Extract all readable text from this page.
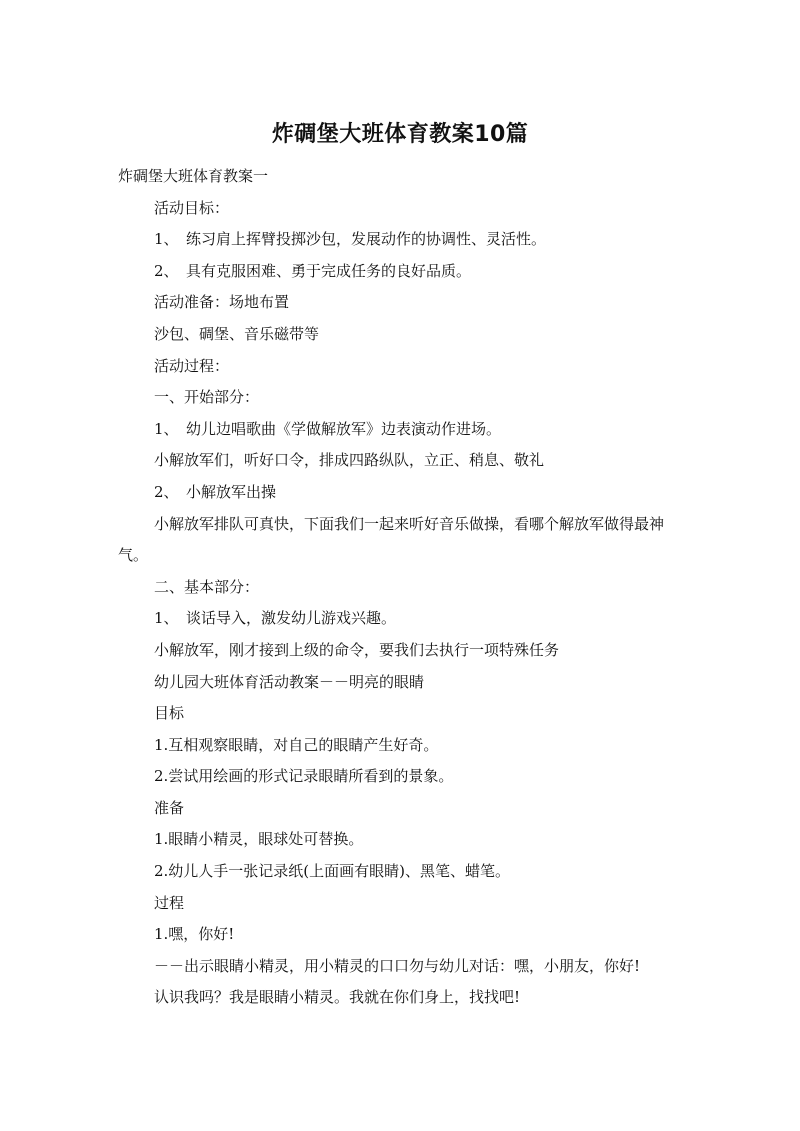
炸碉堡大班体育教案10篇

炸碉堡大班体育教案一

活动目标：

1、　练习肩上挥臂投掷沙包，发展动作的协调性、灵活性。

2、　具有克服困难、勇于完成任务的良好品质。

活动准备：场地布置

沙包、碉堡、音乐磁带等

活动过程：

一、开始部分：

1、　幼儿边唱歌曲《学做解放军》边表演动作进场。

小解放军们，听好口令，排成四路纵队，立正、稍息、敬礼

2、　小解放军出操

小解放军排队可真快，下面我们一起来听好音乐做操，看哪个解放军做得最神气。

二、基本部分：

1、　谈话导入，激发幼儿游戏兴趣。

小解放军，刚才接到上级的命令，要我们去执行一项特殊任务

幼儿园大班体育活动教案－－明亮的眼睛

目标

1.互相观察眼睛，对自己的眼睛产生好奇。

2.尝试用绘画的形式记录眼睛所看到的景象。

准备

1.眼睛小精灵，眼球处可替换。

2.幼儿人手一张记录纸(上面画有眼睛)、黑笔、蜡笔。

过程

1.嘿，你好!

－－出示眼睛小精灵，用小精灵的口口勿与幼儿对话：嘿，小朋友，你好!

认识我吗？我是眼睛小精灵。我就在你们身上，找找吧!
